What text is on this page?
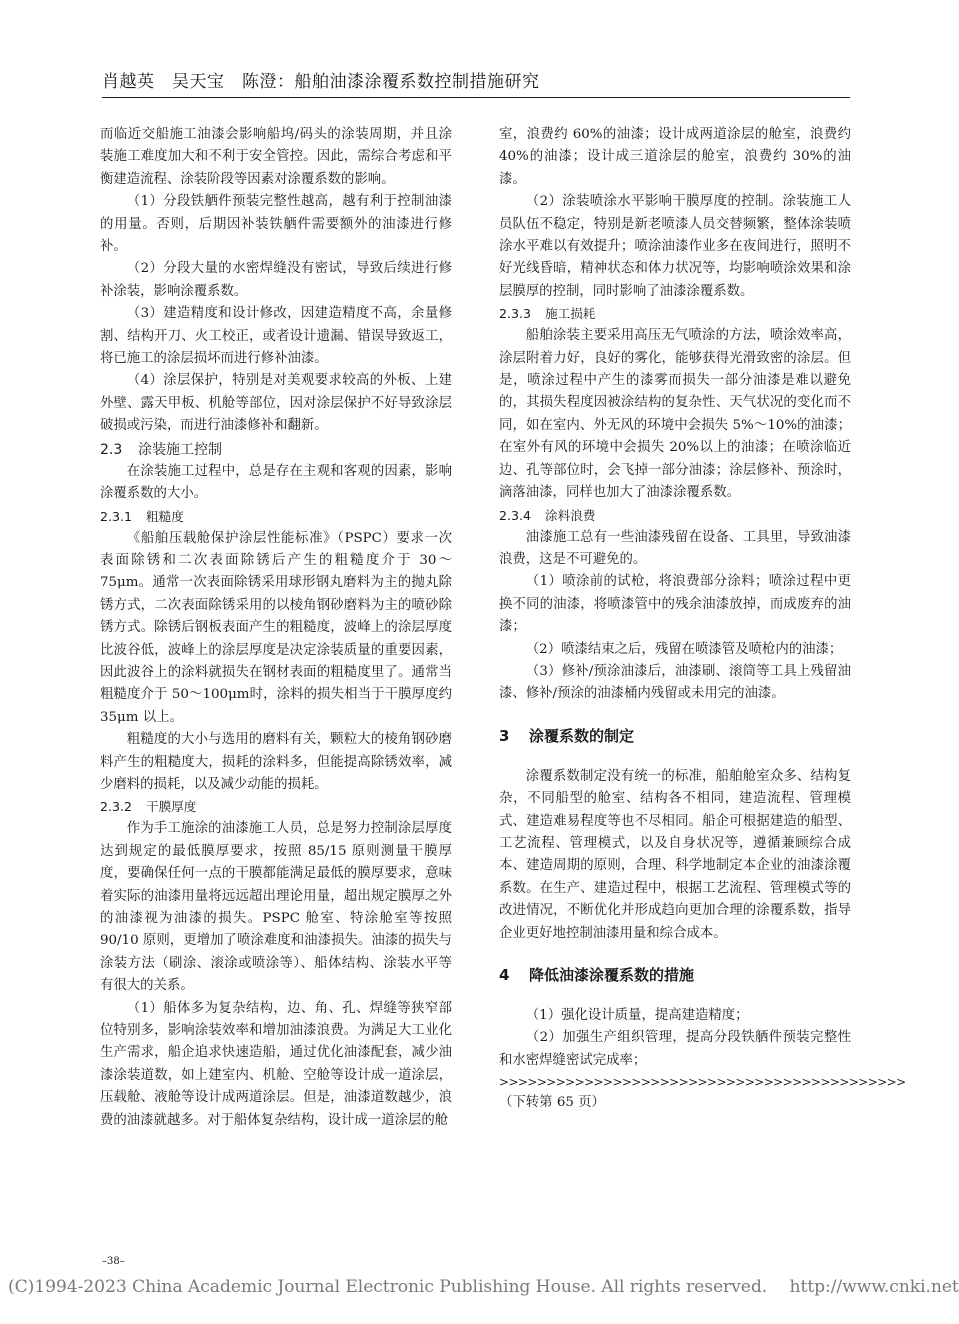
肖越英　吴天宝　陈澄：船舶油漆涂覆系数控制措施研究

而临近交船施工油漆会影响船坞/码头的涂装周期，并且涂装施工难度加大和不利于安全管控。因此，需综合考虑和平衡建造流程、涂装阶段等因素对涂覆系数的影响。

（1）分段铁舾件预装完整性越高，越有利于控制油漆的用量。否则，后期因补装铁舾件需要额外的油漆进行修补。

（2）分段大量的水密焊缝没有密试，导致后续进行修补涂装，影响涂覆系数。

（3）建造精度和设计修改，因建造精度不高，余量修割、结构开刀、火工校正，或者设计遗漏、错误导致返工，将已施工的涂层损坏而进行修补油漆。

（4）涂层保护，特别是对美观要求较高的外板、上建外壁、露天甲板、机舱等部位，因对涂层保护不好导致涂层破损或污染，而进行油漆修补和翻新。

2.3 涂装施工控制

在涂装施工过程中，总是存在主观和客观的因素，影响涂覆系数的大小。

2.3.1 粗糙度

《船舶压载舱保护涂层性能标准》（PSPC）要求一次表面除锈和二次表面除锈后产生的粗糙度介于 30～75μm。通常一次表面除锈采用球形钢丸磨料为主的抛丸除锈方式，二次表面除锈采用的以棱角钢砂磨料为主的喷砂除锈方式。除锈后钢板表面产生的粗糙度，波峰上的涂层厚度比波谷低，波峰上的涂层厚度是决定涂装质量的重要因素，因此波谷上的涂料就损失在钢材表面的粗糙度里了。通常当粗糙度介于 50～100μm时，涂料的损失相当于干膜厚度约 35μm 以上。

粗糙度的大小与选用的磨料有关，颗粒大的棱角钢砂磨料产生的粗糙度大，损耗的涂料多，但能提高除锈效率，减少磨料的损耗，以及减少动能的损耗。

2.3.2 干膜厚度

作为手工施涂的油漆施工人员，总是努力控制涂层厚度达到规定的最低膜厚要求，按照 85/15 原则测量干膜厚度，要确保任何一点的干膜都能满足最低的膜厚要求，意味着实际的油漆用量将远远超出理论用量，超出规定膜厚之外的油漆视为油漆的损失。PSPC 舱室、特涂舱室等按照 90/10 原则，更增加了喷涂难度和油漆损失。油漆的损失与涂装方法（刷涂、滚涂或喷涂等）、船体结构、涂装水平等有很大的关系。

（1）船体多为复杂结构，边、角、孔、焊缝等狭窄部位特别多，影响涂装效率和增加油漆浪费。为满足大工业化生产需求，船企追求快速造船，通过优化油漆配套，减少油漆涂装道数，如上建室内、机舱、空舱等设计成一道涂层，压载舱、液舱等设计成两道涂层。但是，油漆道数越少，浪费的油漆就越多。对于船体复杂结构，设计成一道涂层的舱

室，浪费约 60%的油漆；设计成两道涂层的舱室，浪费约 40%的油漆；设计成三道涂层的舱室，浪费约 30%的油漆。

（2）涂装喷涂水平影响干膜厚度的控制。涂装施工人员队伍不稳定，特别是新老喷漆人员交替频繁，整体涂装喷涂水平难以有效提升；喷涂油漆作业多在夜间进行，照明不好光线昏暗，精神状态和体力状况等，均影响喷涂效果和涂层膜厚的控制，同时影响了油漆涂覆系数。

2.3.3 施工损耗

船舶涂装主要采用高压无气喷涂的方法，喷涂效率高，涂层附着力好，良好的雾化，能够获得光滑致密的涂层。但是，喷涂过程中产生的漆雾而损失一部分油漆是难以避免的，其损失程度因被涂结构的复杂性、天气状况的变化而不同，如在室内、外无风的环境中会损失 5%～10%的油漆；在室外有风的环境中会损失 20%以上的油漆；在喷涂临近边、孔等部位时，会飞掉一部分油漆；涂层修补、预涂时，滴落油漆，同样也加大了油漆涂覆系数。

2.3.4 涂料浪费

油漆施工总有一些油漆残留在设备、工具里，导致油漆浪费，这是不可避免的。

（1）喷涂前的试枪，将浪费部分涂料；喷涂过程中更换不同的油漆，将喷漆管中的残余油漆放掉，而成废弃的油漆；

（2）喷漆结束之后，残留在喷漆管及喷枪内的油漆；

（3）修补/预涂油漆后，油漆刷、滚筒等工具上残留油漆、修补/预涂的油漆桶内残留或未用完的油漆。

3 涂覆系数的制定

涂覆系数制定没有统一的标准，船舶舱室众多、结构复杂，不同船型的舱室、结构各不相同，建造流程、管理模式、建造难易程度等也不尽相同。船企可根据建造的船型、工艺流程、管理模式，以及自身状况等，遵循兼顾综合成本、建造周期的原则，合理、科学地制定本企业的油漆涂覆系数。在生产、建造过程中，根据工艺流程、管理模式等的改进情况，不断优化并形成趋向更加合理的涂覆系数，指导企业更好地控制油漆用量和综合成本。

4 降低油漆涂覆系数的措施

（1）强化设计质量，提高建造精度；

（2）加强生产组织管理，提高分段铁舾件预装完整性和水密焊缝密试完成率；

>>>>>>>>>>>>>>>>>>>>>>>>>>>>>>>>>>>>>>>>>>>

（下转第 65 页）

–38–
(C)1994-2023 China Academic Journal Electronic Publishing House. All rights reserved.　 http://www.cnki.net
